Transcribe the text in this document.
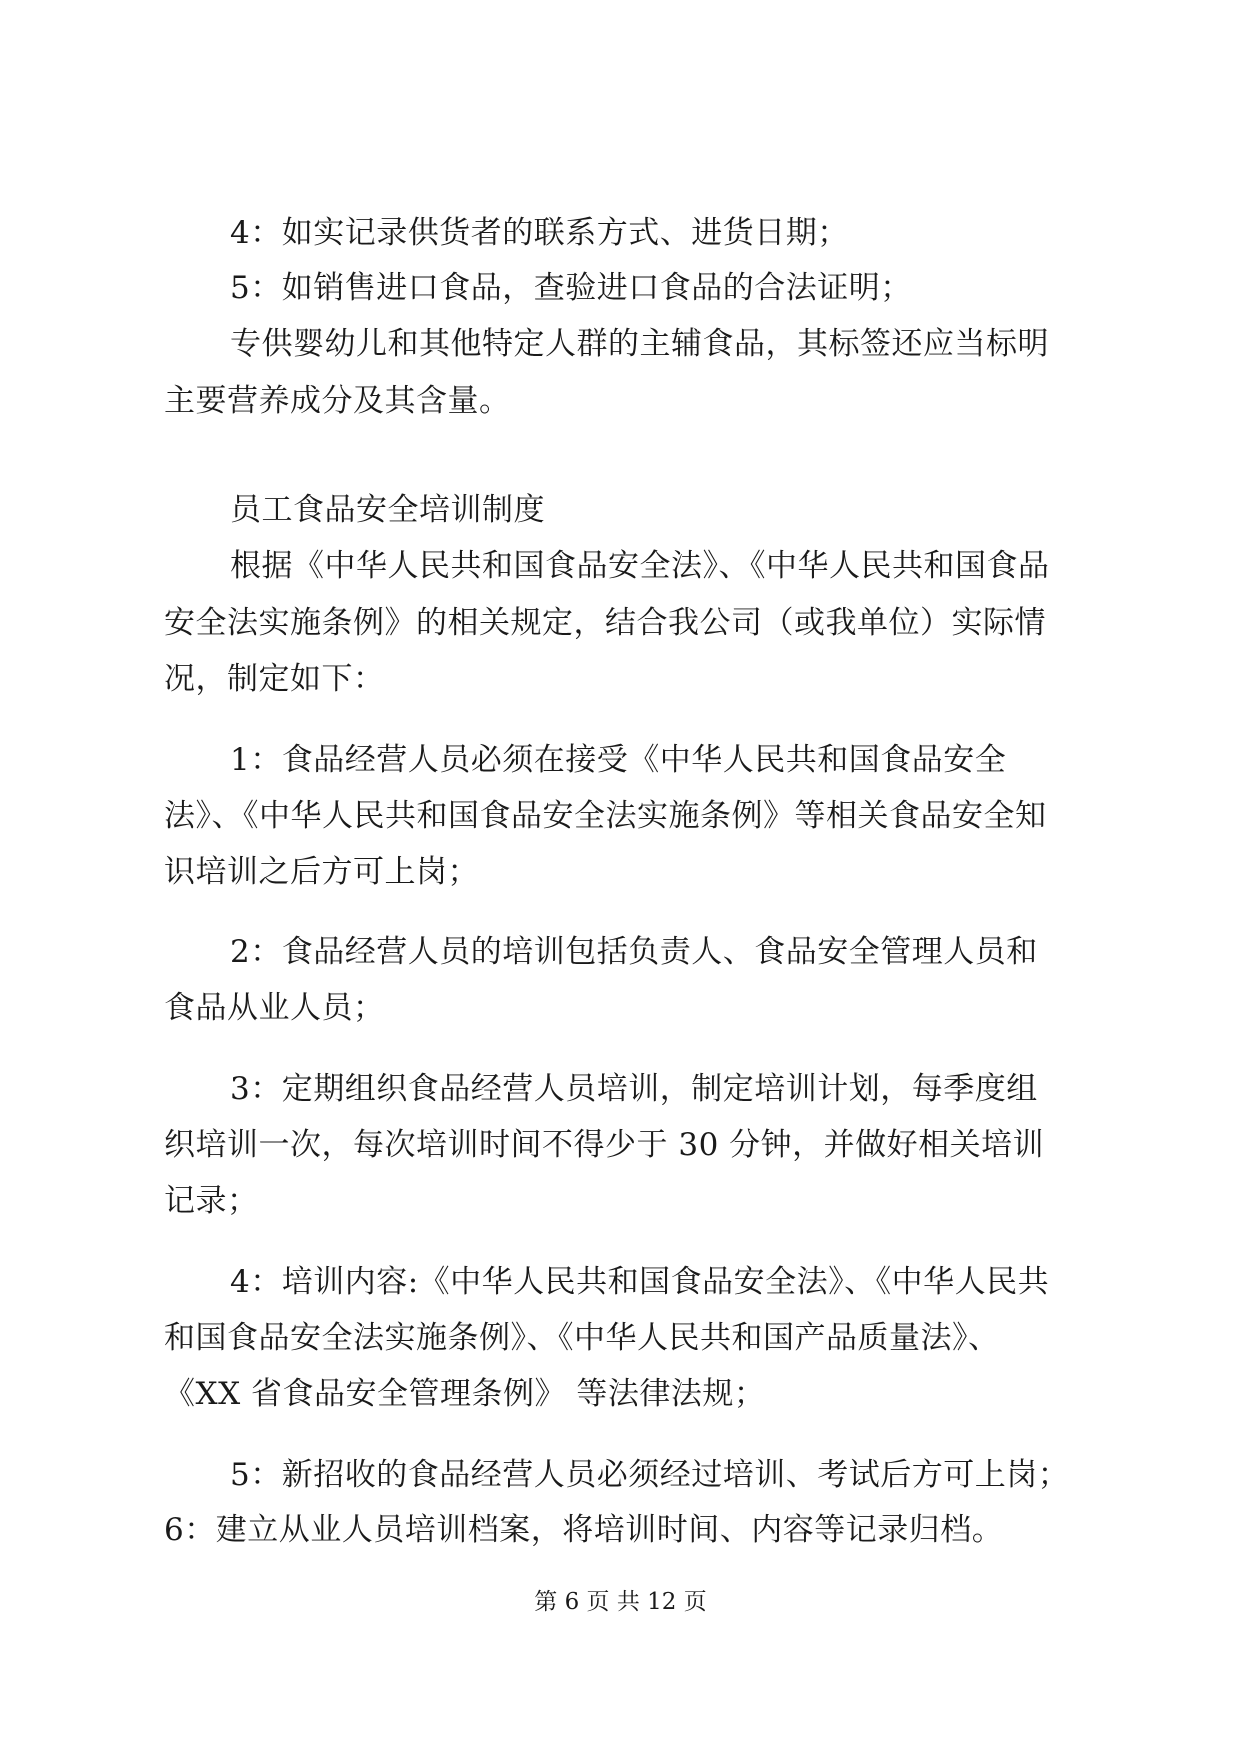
4：如实记录供货者的联系方式、进货日期；
5：如销售进口食品，查验进口食品的合法证明；
专供婴幼儿和其他特定人群的主辅食品，其标签还应当标明
主要营养成分及其含量。
员工食品安全培训制度
根据《中华人民共和国食品安全法》、《中华人民共和国食品
安全法实施条例》的相关规定，结合我公司（或我单位）实际情
况，制定如下：
1：食品经营人员必须在接受《中华人民共和国食品安全
法》、《中华人民共和国食品安全法实施条例》等相关食品安全知
识培训之后方可上岗；
2：食品经营人员的培训包括负责人、食品安全管理人员和
食品从业人员；
3：定期组织食品经营人员培训，制定培训计划，每季度组
织培训一次，每次培训时间不得少于 30 分钟，并做好相关培训
记录；
4：培训内容:《中华人民共和国食品安全法》、《中华人民共
和国食品安全法实施条例》、《中华人民共和国产品质量法》、
《XX 省食品安全管理条例》 等法律法规；
5：新招收的食品经营人员必须经过培训、考试后方可上岗；
6：建立从业人员培训档案，将培训时间、内容等记录归档。
第 6 页 共 12 页
